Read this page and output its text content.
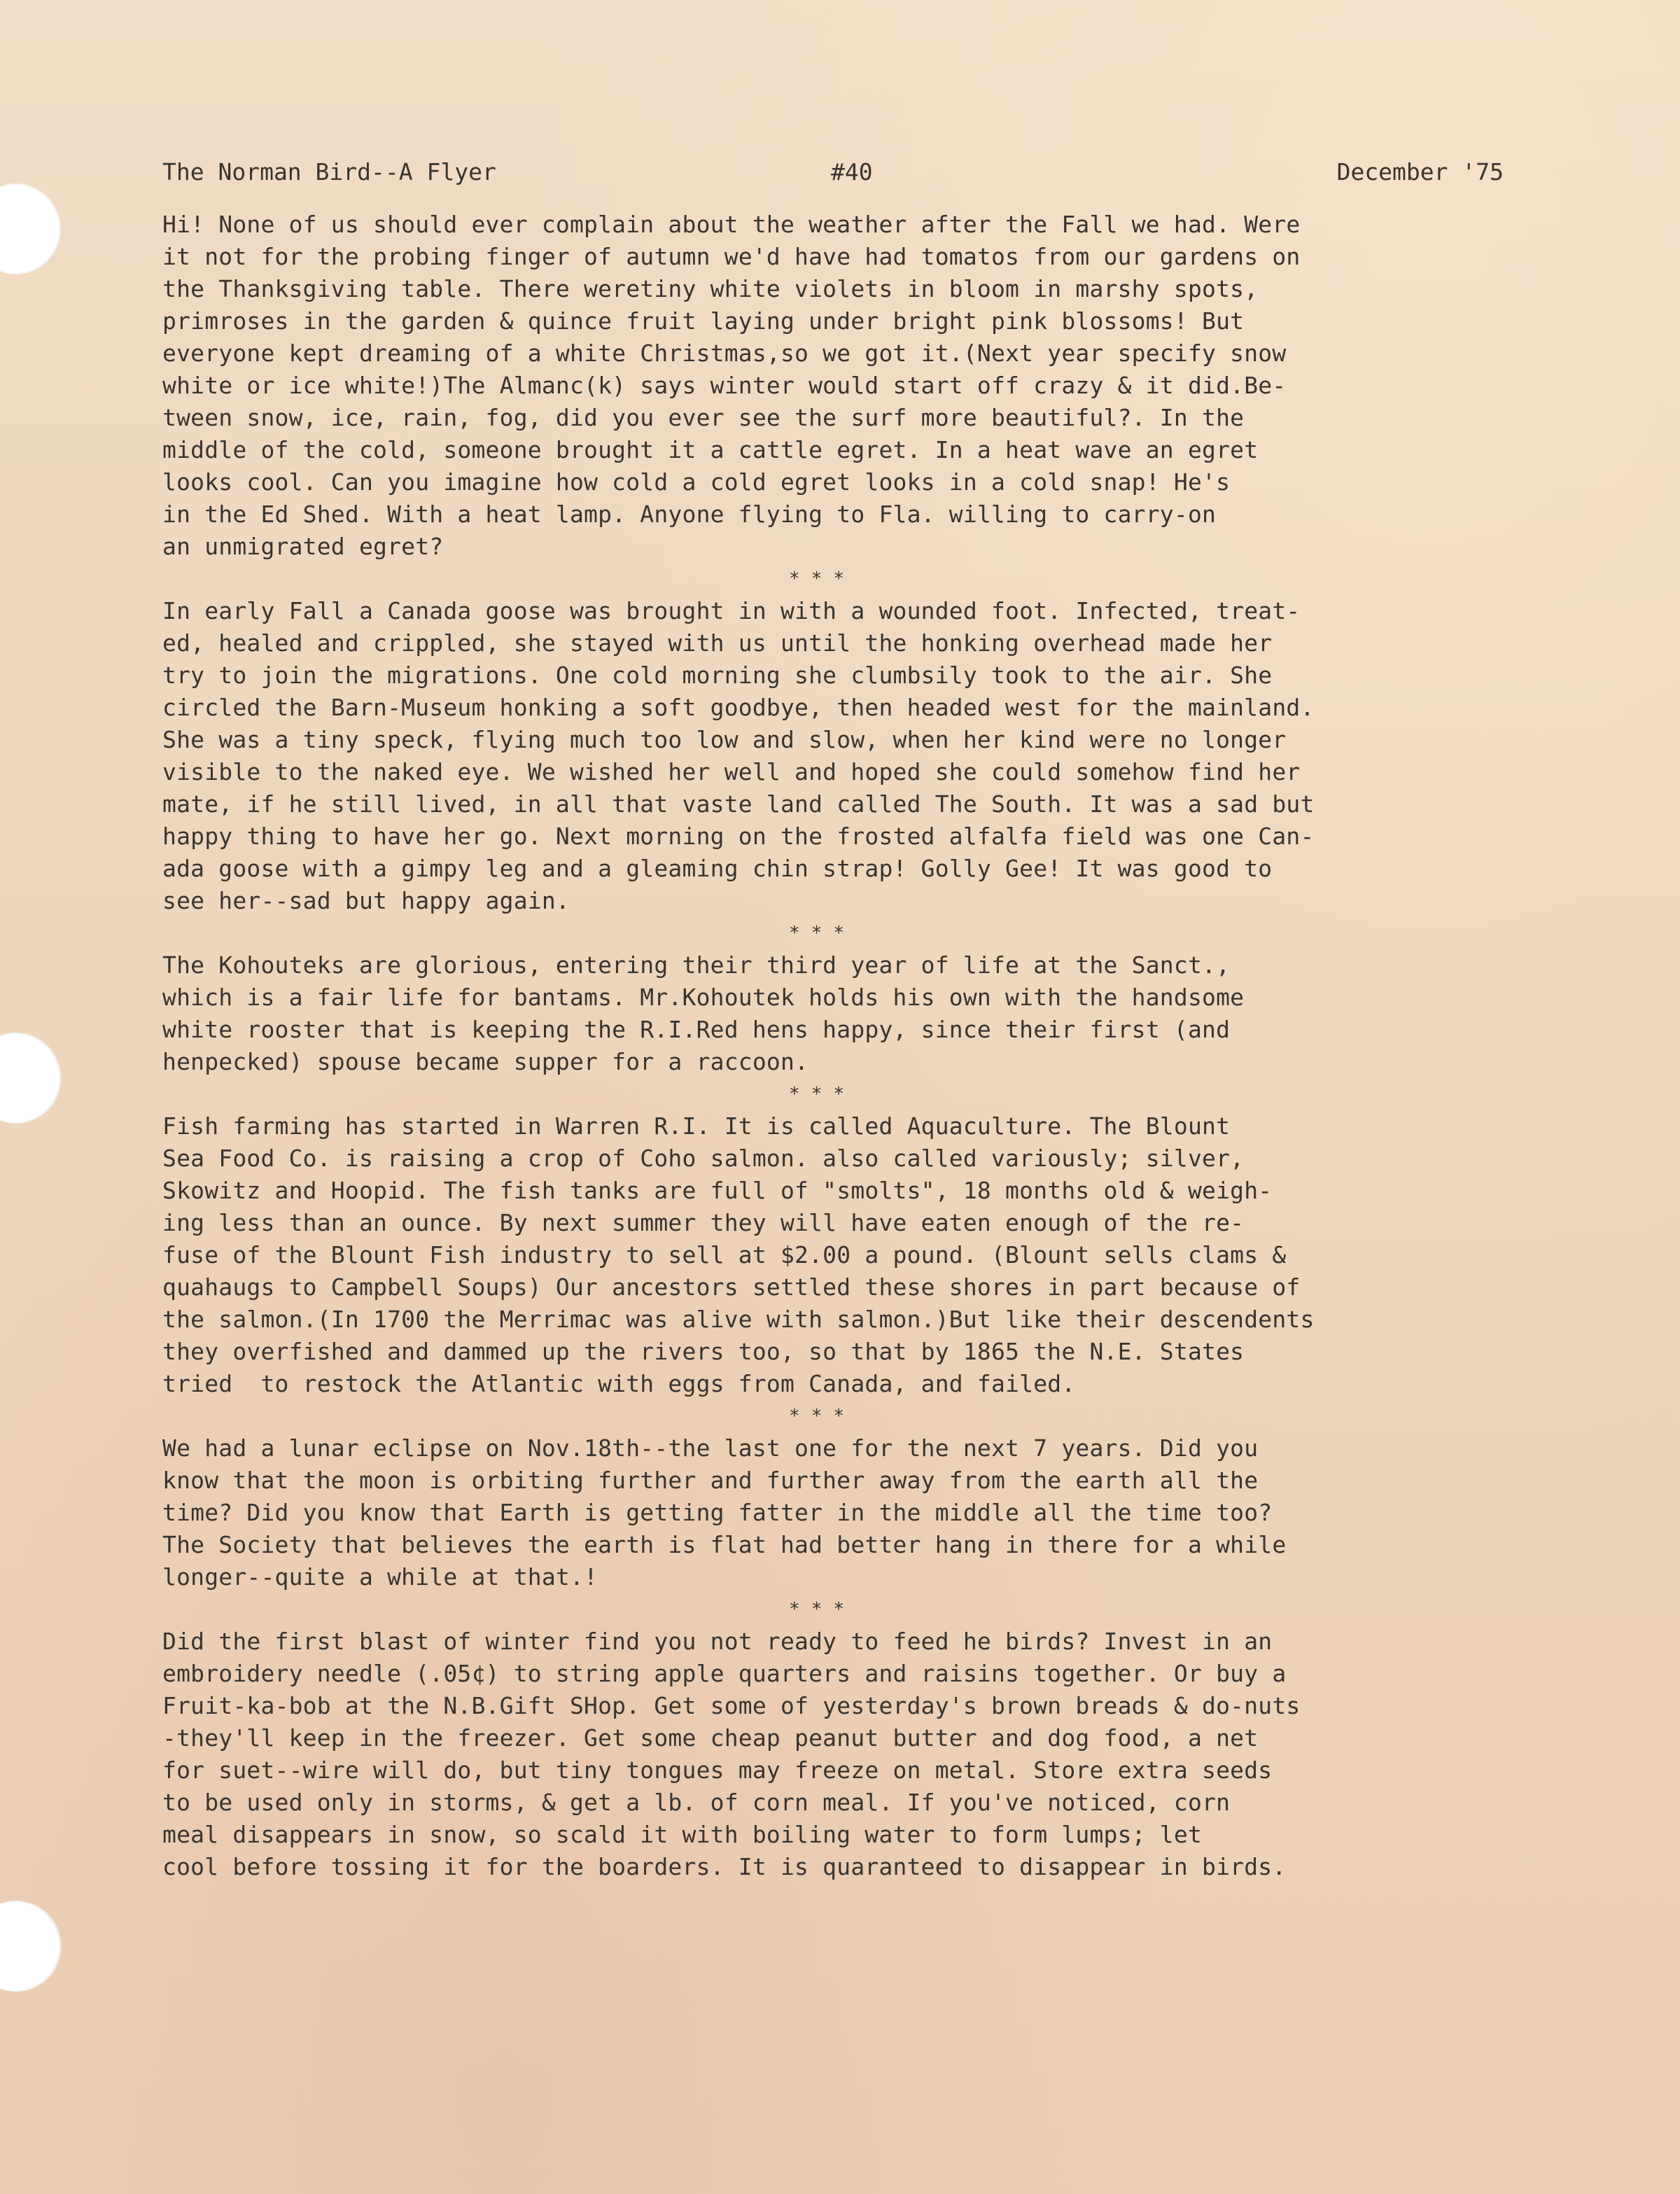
The Norman Bird--A Flyer	#40	December '75
Hi! None of us should ever complain about the weather after the Fall we had. Were
it not for the probing finger of autumn we'd have had tomatos from our gardens on
the Thanksgiving table. There weretiny white violets in bloom in marshy spots,
primroses in the garden & quince fruit laying under bright pink blossoms! But
everyone kept dreaming of a white Christmas,so we got it.(Next year specify snow
white or ice white!)The Almanc(k) says winter would start off crazy & it did.Be-
tween snow, ice, rain, fog, did you ever see the surf more beautiful?. In the
middle of the cold, someone brought it a cattle egret. In a heat wave an egret
looks cool. Can you imagine how cold a cold egret looks in a cold snap! He's
in the Ed Shed. With a heat lamp. Anyone flying to Fla. willing to carry-on
an unmigrated egret?
* * *
In early Fall a Canada goose was brought in with a wounded foot. Infected, treat-
ed, healed and crippled, she stayed with us until the honking overhead made her
try to join the migrations. One cold morning she clumbsily took to the air. She
circled the Barn-Museum honking a soft goodbye, then headed west for the mainland.
She was a tiny speck, flying much too low and slow, when her kind were no longer
visible to the naked eye. We wished her well and hoped she could somehow find her
mate, if he still lived, in all that vaste land called The South. It was a sad but
happy thing to have her go. Next morning on the frosted alfalfa field was one Can-
ada goose with a gimpy leg and a gleaming chin strap! Golly Gee! It was good to
see her--sad but happy again.
* * *
The Kohouteks are glorious, entering their third year of life at the Sanct.,
which is a fair life for bantams. Mr.Kohoutek holds his own with the handsome
white rooster that is keeping the R.I.Red hens happy, since their first (and
henpecked) spouse became supper for a raccoon.
* * *
Fish farming has started in Warren R.I. It is called Aquaculture. The Blount
Sea Food Co. is raising a crop of Coho salmon. also called variously; silver,
Skowitz and Hoopid. The fish tanks are full of "smolts", 18 months old & weigh-
ing less than an ounce. By next summer they will have eaten enough of the re-
fuse of the Blount Fish industry to sell at $2.00 a pound. (Blount sells clams &
quahaugs to Campbell Soups) Our ancestors settled these shores in part because of
the salmon.(In 1700 the Merrimac was alive with salmon.)But like their descendents
they overfished and dammed up the rivers too, so that by 1865 the N.E. States
tried  to restock the Atlantic with eggs from Canada, and failed.
* * *
We had a lunar eclipse on Nov.18th--the last one for the next 7 years. Did you
know that the moon is orbiting further and further away from the earth all the
time? Did you know that Earth is getting fatter in the middle all the time too?
The Society that believes the earth is flat had better hang in there for a while
longer--quite a while at that.!
* * *
Did the first blast of winter find you not ready to feed he birds? Invest in an
embroidery needle (.05¢) to string apple quarters and raisins together. Or buy a
Fruit-ka-bob at the N.B.Gift SHop. Get some of yesterday's brown breads & do-nuts
-they'll keep in the freezer. Get some cheap peanut butter and dog food, a net
for suet--wire will do, but tiny tongues may freeze on metal. Store extra seeds
to be used only in storms, & get a lb. of corn meal. If you've noticed, corn
meal disappears in snow, so scald it with boiling water to form lumps; let
cool before tossing it for the boarders. It is quaranteed to disappear in birds.
